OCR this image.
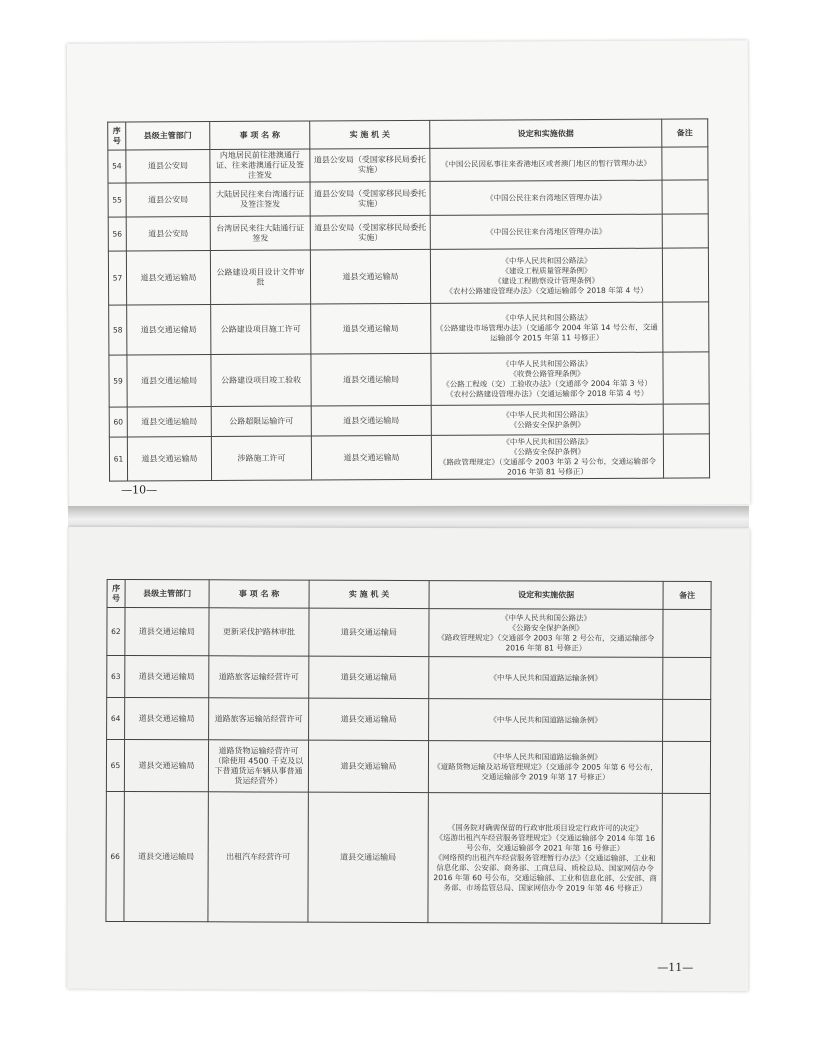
序号	县级主管部门	事 项 名 称	实 施 机 关	设定和实施依据	备注
54	道县公安局	内地居民前往港澳通行证、往来港澳通行证及签注签发	道县公安局（受国家移民局委托实施）	《中国公民因私事往来香港地区或者澳门地区的暂行管理办法》	
55	道县公安局	大陆居民往来台湾通行证及签注签发	道县公安局（受国家移民局委托实施）	《中国公民往来台湾地区管理办法》	
56	道县公安局	台湾居民来往大陆通行证签发	道县公安局（受国家移民局委托实施）	《中国公民往来台湾地区管理办法》	
57	道县交通运输局	公路建设项目设计文件审批	道县交通运输局	《中华人民共和国公路法》
《建设工程质量管理条例》
《建设工程勘察设计管理条例》
《农村公路建设管理办法》（交通运输部令 2018 年第 4 号）	
58	道县交通运输局	公路建设项目施工许可	道县交通运输局	《中华人民共和国公路法》
《公路建设市场管理办法》（交通部令 2004 年第 14 号公布，交通运输部令 2015 年第 11 号修正）	
59	道县交通运输局	公路建设项目竣工验收	道县交通运输局	《中华人民共和国公路法》
《收费公路管理条例》
《公路工程竣（交）工验收办法》（交通部令 2004 年第 3 号）
《农村公路建设管理办法》（交通运输部令 2018 年第 4 号）	
60	道县交通运输局	公路超限运输许可	道县交通运输局	《中华人民共和国公路法》
《公路安全保护条例》	
61	道县交通运输局	涉路施工许可	道县交通运输局	《中华人民共和国公路法》
《公路安全保护条例》
《路政管理规定》（交通部令 2003 年第 2 号公布，交通运输部令 2016 年第 81 号修正）	
—10—
序号	县级主管部门	事 项 名 称	实 施 机 关	设定和实施依据	备注
62	道县交通运输局	更新采伐护路林审批	道县交通运输局	《中华人民共和国公路法》
《公路安全保护条例》
《路政管理规定》（交通部令 2003 年第 2 号公布，交通运输部令 2016 年第 81 号修正）	
63	道县交通运输局	道路旅客运输经营许可	道县交通运输局	《中华人民共和国道路运输条例》	
64	道县交通运输局	道路旅客运输站经营许可	道县交通运输局	《中华人民共和国道路运输条例》	
65	道县交通运输局	道路货物运输经营许可（除使用 4500 千克及以下普通货运车辆从事普通货运经营外）	道县交通运输局	《中华人民共和国道路运输条例》
《道路货物运输及站场管理规定》（交通部令 2005 年第 6 号公布，交通运输部令 2019 年第 17 号修正）	
66	道县交通运输局	出租汽车经营许可	道县交通运输局	《国务院对确需保留的行政审批项目设定行政许可的决定》
《巡游出租汽车经营服务管理规定》（交通运输部令 2014 年第 16 号公布，交通运输部令 2021 年第 16 号修正）
《网络预约出租汽车经营服务管理暂行办法》（交通运输部、工业和信息化部、公安部、商务部、工商总局、质检总局、国家网信办令 2016 年第 60 号公布，交通运输部、工业和信息化部、公安部、商务部、市场监管总局、国家网信办令 2019 年第 46 号修正）	
—11—
